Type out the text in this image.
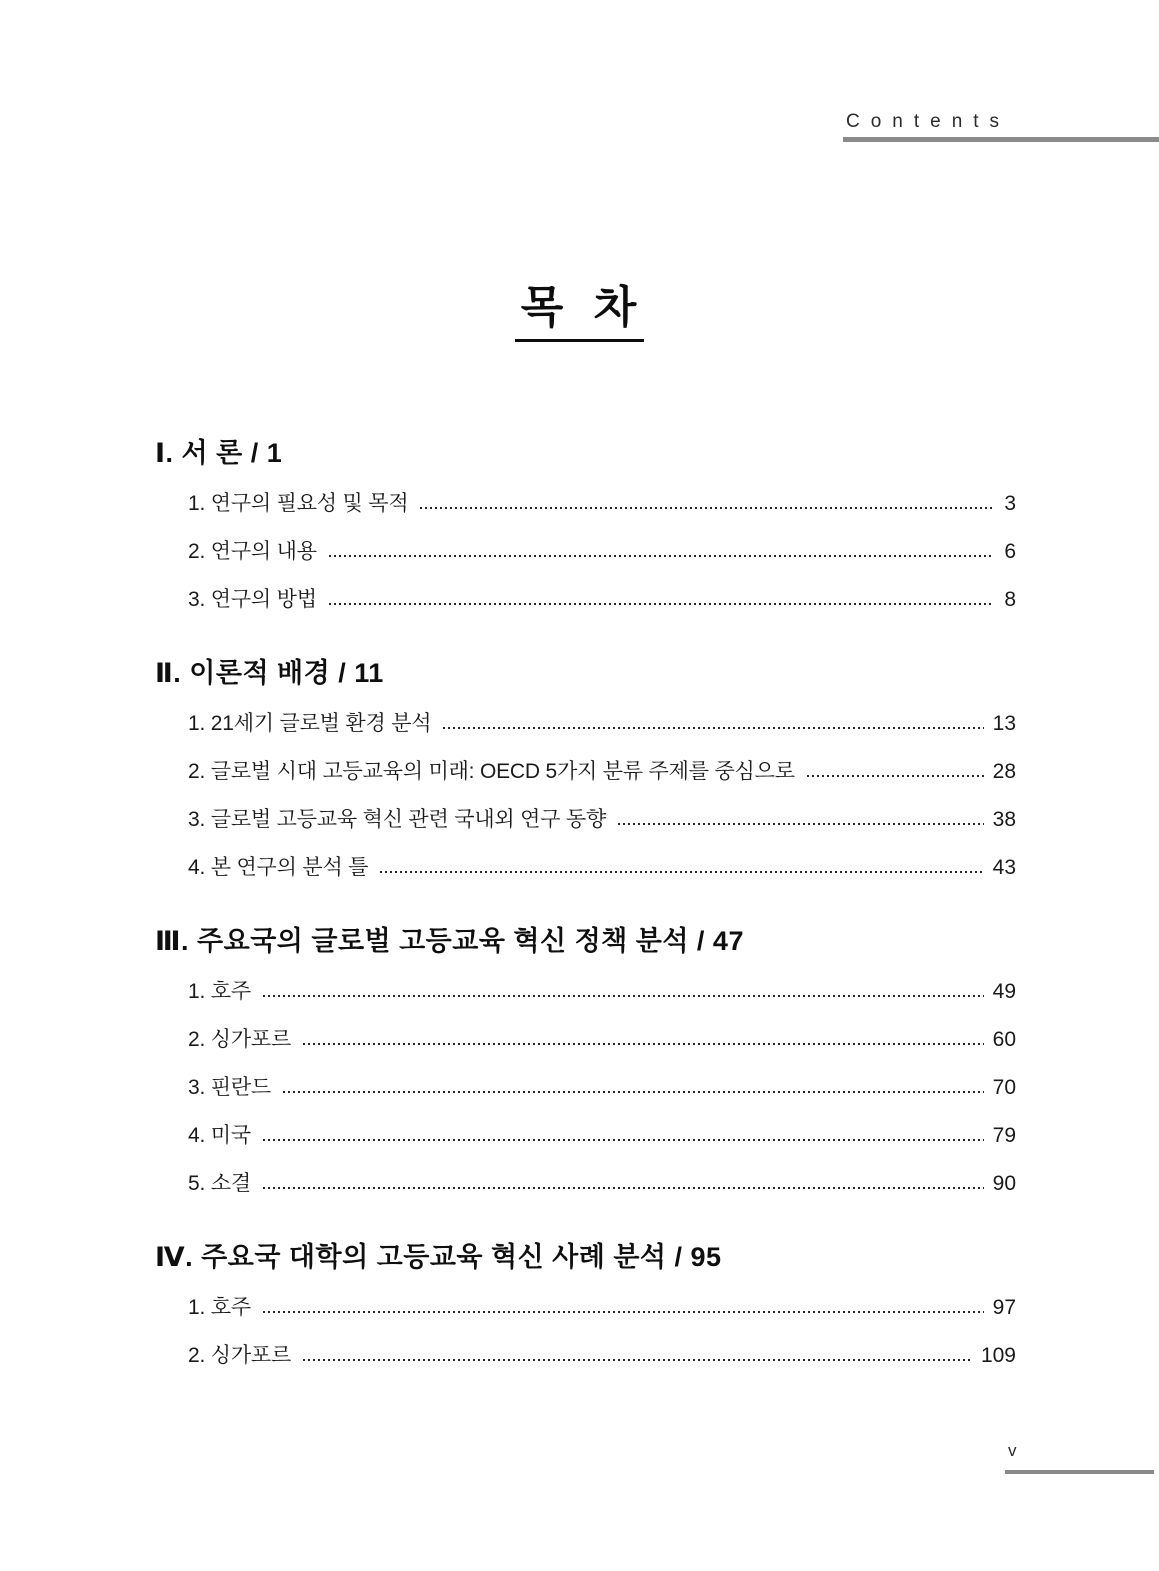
Contents
목  차
Ⅰ. 서 론 / 1
1. 연구의 필요성 및 목적	3
2. 연구의 내용	6
3. 연구의 방법	8
Ⅱ. 이론적 배경 / 11
1. 21세기 글로벌 환경 분석	13
2. 글로벌 시대 고등교육의 미래: OECD 5가지 분류 주제를 중심으로	28
3. 글로벌 고등교육 혁신 관련 국내외 연구 동향	38
4. 본 연구의 분석 틀	43
Ⅲ. 주요국의 글로벌 고등교육 혁신 정책 분석 / 47
1. 호주	49
2. 싱가포르	60
3. 핀란드	70
4. 미국	79
5. 소결	90
Ⅳ. 주요국 대학의 고등교육 혁신 사례 분석 / 95
1. 호주	97
2. 싱가포르	109
v
